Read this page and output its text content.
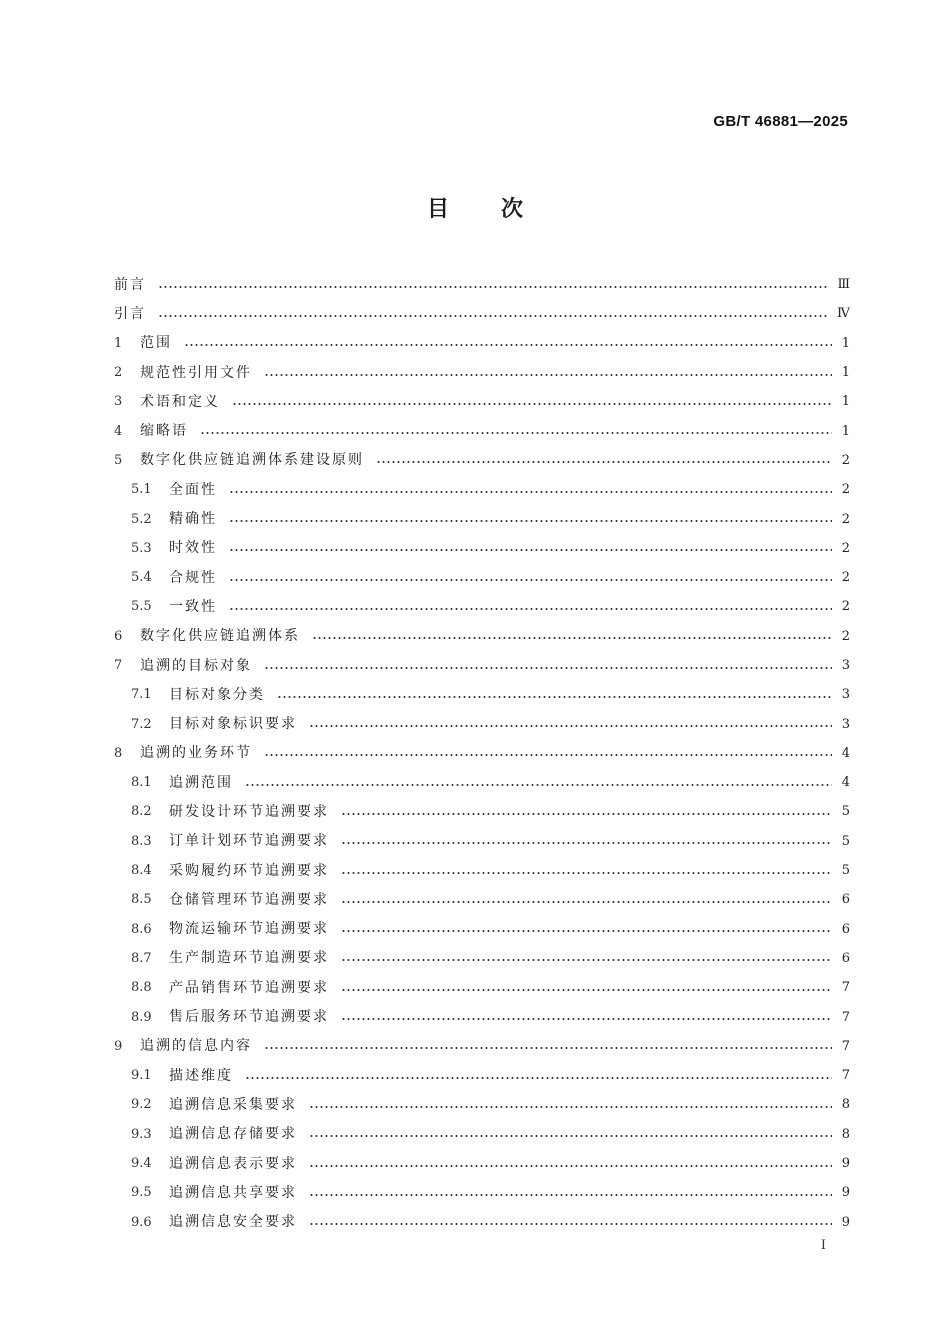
GB/T 46881—2025
目 次
前言	Ⅲ
引言	Ⅳ
1	范围	1
2	规范性引用文件	1
3	术语和定义	1
4	缩略语	1
5	数字化供应链追溯体系建设原则	2
5.1	全面性	2
5.2	精确性	2
5.3	时效性	2
5.4	合规性	2
5.5	一致性	2
6	数字化供应链追溯体系	2
7	追溯的目标对象	3
7.1	目标对象分类	3
7.2	目标对象标识要求	3
8	追溯的业务环节	4
8.1	追溯范围	4
8.2	研发设计环节追溯要求	5
8.3	订单计划环节追溯要求	5
8.4	采购履约环节追溯要求	5
8.5	仓储管理环节追溯要求	6
8.6	物流运输环节追溯要求	6
8.7	生产制造环节追溯要求	6
8.8	产品销售环节追溯要求	7
8.9	售后服务环节追溯要求	7
9	追溯的信息内容	7
9.1	描述维度	7
9.2	追溯信息采集要求	8
9.3	追溯信息存储要求	8
9.4	追溯信息表示要求	9
9.5	追溯信息共享要求	9
9.6	追溯信息安全要求	9
I
